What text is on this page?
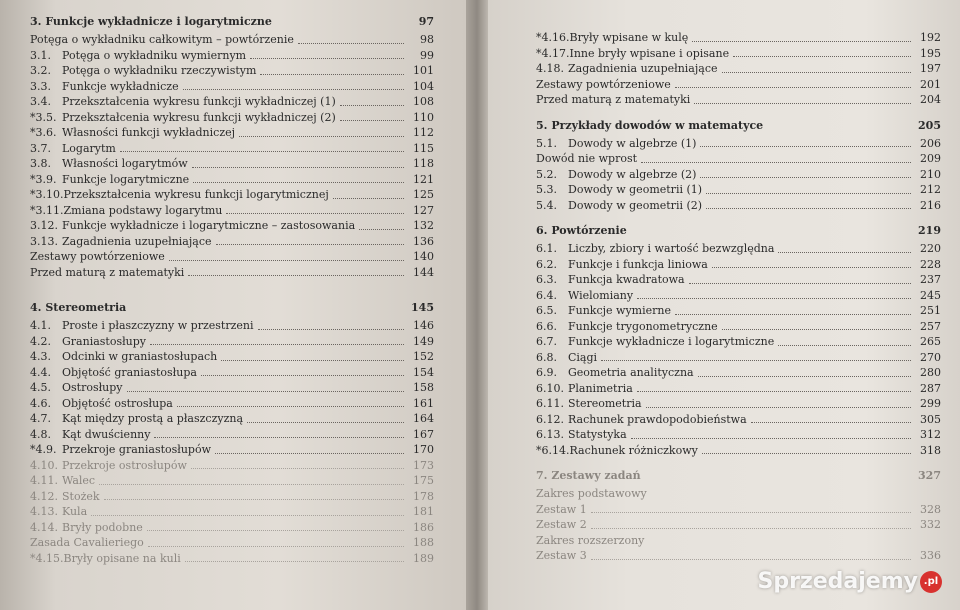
3. Funkcje wykładnicze i logarytmiczne	97
Potęga o wykładniku całkowitym – powtórzenie	98
3.1.	Potęga o wykładniku wymiernym	99
3.2.	Potęga o wykładniku rzeczywistym	101
3.3.	Funkcje wykładnicze	104
3.4.	Przekształcenia wykresu funkcji wykładniczej (1)	108
*3.5. Przekształcenia wykresu funkcji wykładniczej (2)	110
*3.6. Własności funkcji wykładniczej	112
3.7.	Logarytm	115
3.8.	Własności logarytmów	118
*3.9. Funkcje logarytmiczne	121
*3.10. Przekształcenia wykresu funkcji logarytmicznej	125
*3.11. Zmiana podstawy logarytmu	127
3.12. Funkcje wykładnicze i logarytmiczne – zastosowania	132
3.13. Zagadnienia uzupełniające	136
Zestawy powtórzeniowe	140
Przed maturą z matematyki	144
4. Stereometria	145
4.1.	Proste i płaszczyzny w przestrzeni	146
4.2.	Graniastosłupy	149
4.3.	Odcinki w graniastosłupach	152
4.4.	Objętość graniastosłupa	154
4.5.	Ostrosłupy	158
4.6.	Objętość ostrosłupa	161
4.7.	Kąt między prostą a płaszczyzną	164
4.8.	Kąt dwuścienny	167
*4.9. Przekroje graniastosłupów	170
4.10. Przekroje ostrosłupów	173
4.11. Walec	175
4.12. Stożek	178
4.13. Kula	181
4.14. Bryły podobne	186
Zasada Cavalieriego	188
*4.15. Bryły opisane na kuli	189
*4.16. Bryły wpisane w kulę	192
*4.17. Inne bryły wpisane i opisane	195
4.18. Zagadnienia uzupełniające	197
Zestawy powtórzeniowe	201
Przed maturą z matematyki	204
5. Przykłady dowodów w matematyce	205
5.1.	Dowody w algebrze (1)	206
Dowód nie wprost	209
5.2.	Dowody w algebrze (2)	210
5.3.	Dowody w geometrii (1)	212
5.4.	Dowody w geometrii (2)	216
6. Powtórzenie	219
6.1.	Liczby, zbiory i wartość bezwzględna	220
6.2.	Funkcje i funkcja liniowa	228
6.3.	Funkcja kwadratowa	237
6.4.	Wielomiany	245
6.5.	Funkcje wymierne	251
6.6.	Funkcje trygonometryczne	257
6.7.	Funkcje wykładnicze i logarytmiczne	265
6.8.	Ciągi	270
6.9.	Geometria analityczna	280
6.10. Planimetria	287
6.11. Stereometria	299
6.12. Rachunek prawdopodobieństwa	305
6.13. Statystyka	312
*6.14. Rachunek różniczkowy	318
7. Zestawy zadań	327
Zakres podstawowy
Zestaw 1	328
Zestaw 2	332
Zakres rozszerzony
Zestaw 3	336
Sprzedajemy .pl
